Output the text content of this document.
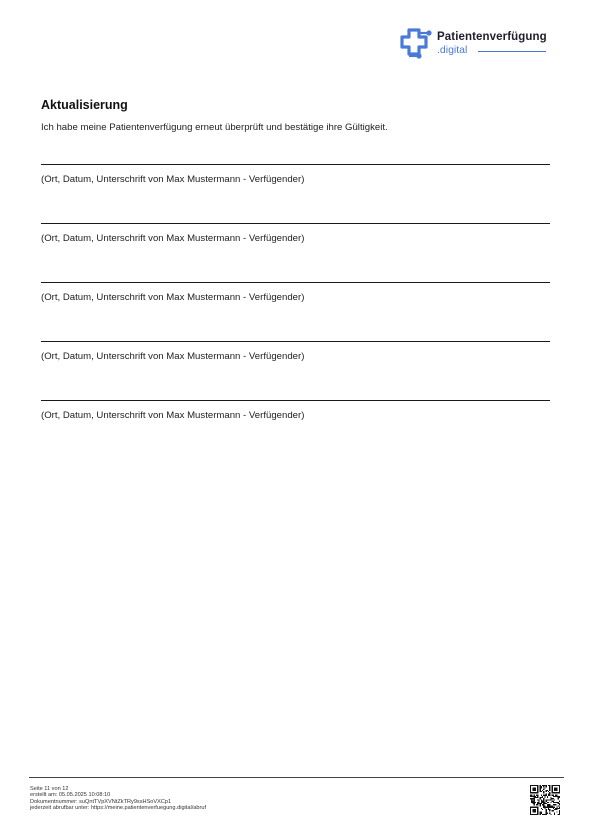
Patientenverfügung
.digital
Aktualisierung
Ich habe meine Patientenverfügung erneut überprüft und bestätige ihre Gültigkeit.
(Ort, Datum, Unterschrift von Max Mustermann - Verfügender)
(Ort, Datum, Unterschrift von Max Mustermann - Verfügender)
(Ort, Datum, Unterschrift von Max Mustermann - Verfügender)
(Ort, Datum, Unterschrift von Max Mustermann - Verfügender)
(Ort, Datum, Unterschrift von Max Mustermann - Verfügender)
Seite 11 von 12
erstellt am: 05.05.2025 10:08:10
Dokumentnummer: suQntTVpXVNtZkTRy9ssHSoVXCp1
jederzeit abrufbar unter: https://meine.patientenverfuegung.digital/abruf
